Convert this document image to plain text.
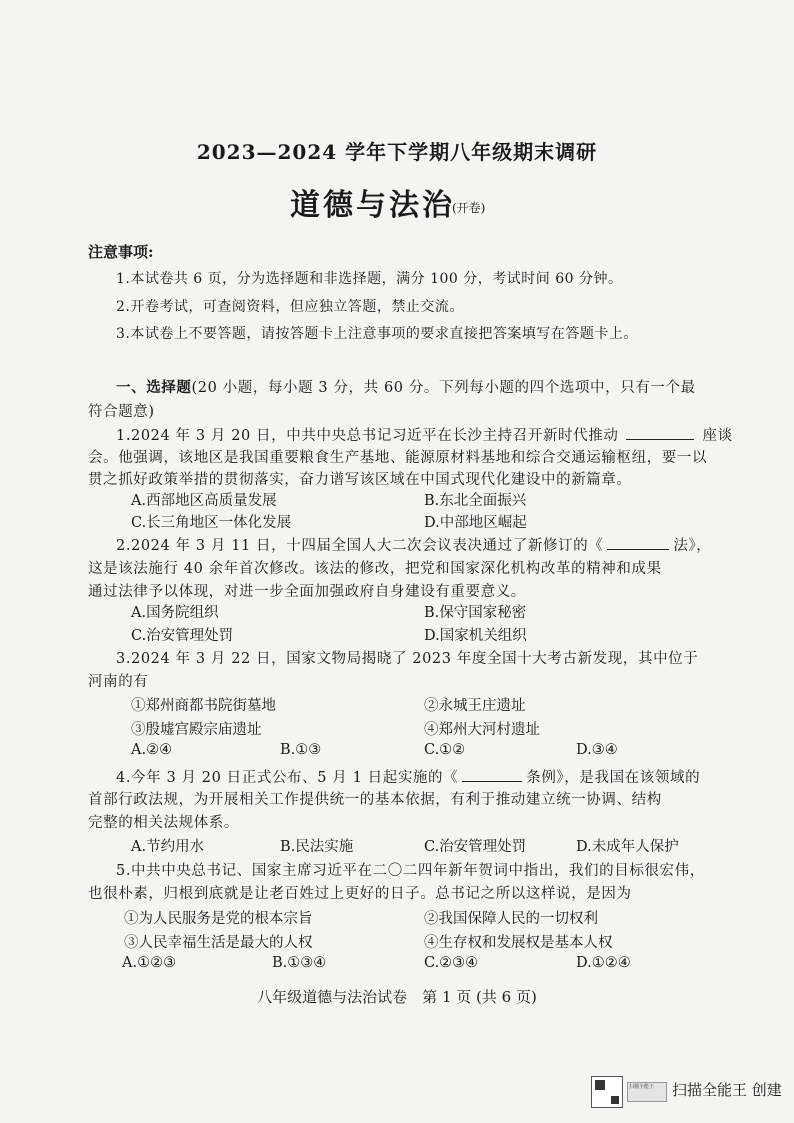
2023—2024 学年下学期八年级期末调研
道德与法治
(开卷)
注意事项:
1.本试卷共 6 页，分为选择题和非选择题，满分 100 分，考试时间 60 分钟。
2.开卷考试，可查阅资料，但应独立答题，禁止交流。
3.本试卷上不要答题，请按答题卡上注意事项的要求直接把答案填写在答题卡上。
一、选择题(20 小题，每小题 3 分，共 60 分。下列每小题的四个选项中，只有一个最
符合题意)
1.2024 年 3 月 20 日，中共中央总书记习近平在长沙主持召开新时代推动	座谈
会。他强调，该地区是我国重要粮食生产基地、能源原材料基地和综合交通运输枢纽，要一以
贯之抓好政策举措的贯彻落实，奋力谱写该区域在中国式现代化建设中的新篇章。
A.西部地区高质量发展	B.东北全面振兴
C.长三角地区一体化发展	D.中部地区崛起
2.2024 年 3 月 11 日，十四届全国人大二次会议表决通过了新修订的《	法》，
这是该法施行 40 余年首次修改。该法的修改，把党和国家深化机构改革的精神和成果
通过法律予以体现，对进一步全面加强政府自身建设有重要意义。
A.国务院组织	B.保守国家秘密
C.治安管理处罚	D.国家机关组织
3.2024 年 3 月 22 日，国家文物局揭晓了 2023 年度全国十大考古新发现，其中位于
河南的有
①郑州商都书院街墓地	②永城王庄遗址
③殷墟宫殿宗庙遗址	④郑州大河村遗址
A.②④	B.①③	C.①②	D.③④
4.今年 3 月 20 日正式公布、5 月 1 日起实施的《	条例》，是我国在该领域的
首部行政法规，为开展相关工作提供统一的基本依据，有利于推动建立统一协调、结构
完整的相关法规体系。
A.节约用水	B.民法实施	C.治安管理处罚	D.未成年人保护
5.中共中央总书记、国家主席习近平在二〇二四年新年贺词中指出，我们的目标很宏伟，
也很朴素，归根到底就是让老百姓过上更好的日子。总书记之所以这样说，是因为
①为人民服务是党的根本宗旨	②我国保障人民的一切权利
③人民幸福生活是最大的人权	④生存权和发展权是基本人权
A.①②③	B.①③④	C.②③④	D.①②④
八年级道德与法治试卷　第 1 页 (共 6 页)
扫描全能王 扫描全能王 创建
